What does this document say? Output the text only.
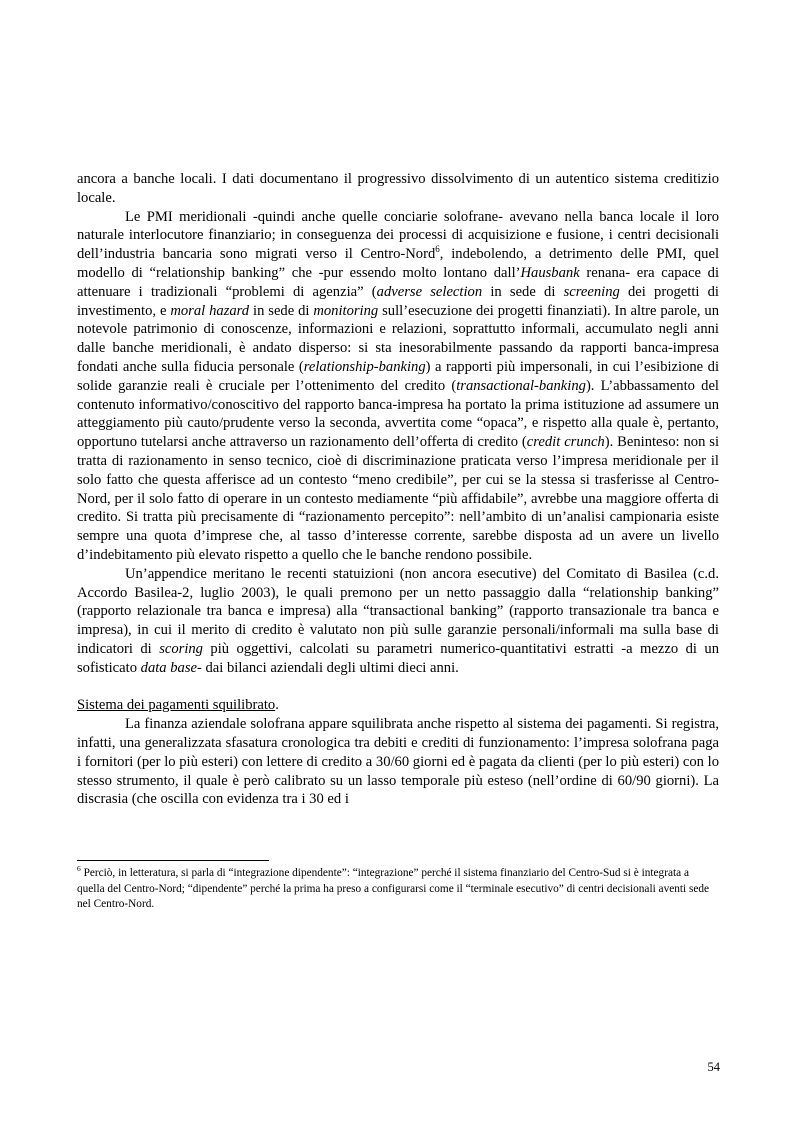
ancora a banche locali. I dati documentano il progressivo dissolvimento di un autentico sistema creditizio locale.

Le PMI meridionali -quindi anche quelle conciarie solofrane- avevano nella banca locale il loro naturale interlocutore finanziario; in conseguenza dei processi di acquisizione e fusione, i centri decisionali dell’industria bancaria sono migrati verso il Centro-Nord$^6$, indebolendo, a detrimento delle PMI, quel modello di “relationship banking” che -pur essendo molto lontano dall’Hausbank renana- era capace di attenuare i tradizionali “problemi di agenzia” (adverse selection in sede di screening dei progetti di investimento, e moral hazard in sede di monitoring sull’esecuzione dei progetti finanziati). In altre parole, un notevole patrimonio di conoscenze, informazioni e relazioni, soprattutto informali, accumulato negli anni dalle banche meridionali, è andato disperso: si sta inesorabilmente passando da rapporti banca-impresa fondati anche sulla fiducia personale (relationship-banking) a rapporti più impersonali, in cui l’esibizione di solide garanzie reali è cruciale per l’ottenimento del credito (transactional-banking). L’abbassamento del contenuto informativo/conoscitivo del rapporto banca-impresa ha portato la prima istituzione ad assumere un atteggiamento più cauto/prudente verso la seconda, avvertita come “opaca”, e rispetto alla quale è, pertanto, opportuno tutelarsi anche attraverso un razionamento dell’offerta di credito (credit crunch). Beninteso: non si tratta di razionamento in senso tecnico, cioè di discriminazione praticata verso l’impresa meridionale per il solo fatto che questa afferisce ad un contesto “meno credibile”, per cui se la stessa si trasferisse al Centro-Nord, per il solo fatto di operare in un contesto mediamente “più affidabile”, avrebbe una maggiore offerta di credito. Si tratta più precisamente di “razionamento percepito”: nell’ambito di un’analisi campionaria esiste sempre una quota d’imprese che, al tasso d’interesse corrente, sarebbe disposta ad un avere un livello d’indebitamento più elevato rispetto a quello che le banche rendono possibile.

Un’appendice meritano le recenti statuizioni (non ancora esecutive) del Comitato di Basilea (c.d. Accordo Basilea-2, luglio 2003), le quali premono per un netto passaggio dalla “relationship banking” (rapporto relazionale tra banca e impresa) alla “transactional banking” (rapporto transazionale tra banca e impresa), in cui il merito di credito è valutato non più sulle garanzie personali/informali ma sulla base di indicatori di scoring più oggettivi, calcolati su parametri numerico-quantitativi estratti -a mezzo di un sofisticato data base- dai bilanci aziendali degli ultimi dieci anni.

Sistema dei pagamenti squilibrato.

La finanza aziendale solofrana appare squilibrata anche rispetto al sistema dei pagamenti. Si registra, infatti, una generalizzata sfasatura cronologica tra debiti e crediti di funzionamento: l’impresa solofrana paga i fornitori (per lo più esteri) con lettere di credito a 30/60 giorni ed è pagata da clienti (per lo più esteri) con lo stesso strumento, il quale è però calibrato su un lasso temporale più esteso (nell’ordine di 60/90 giorni). La discrasia (che oscilla con evidenza tra i 30 ed i

$^6$ Perciò, in letteratura, si parla di “integrazione dipendente”: “integrazione” perché il sistema finanziario del Centro-Sud si è integrata a quella del Centro-Nord; “dipendente” perché la prima ha preso a configurarsi come il “terminale esecutivo” di centri decisionali aventi sede nel Centro-Nord.
54
